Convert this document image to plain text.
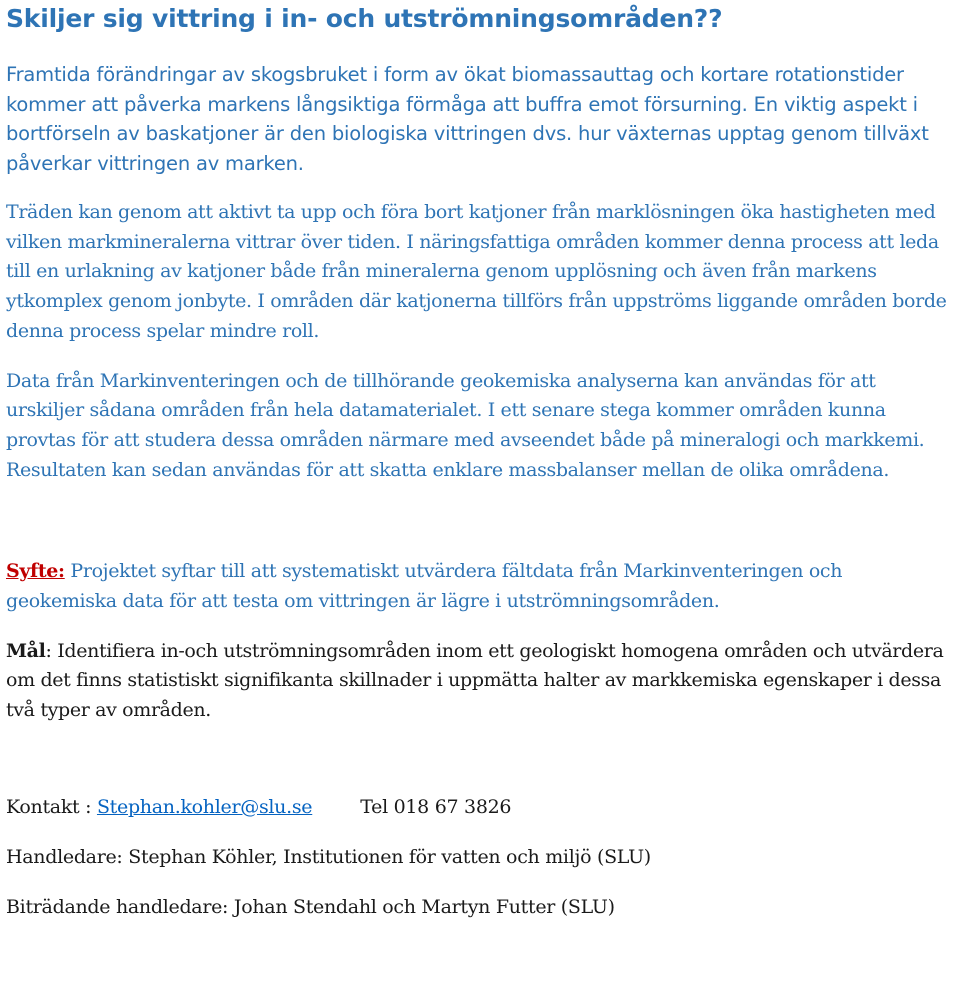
Skiljer sig vittring i in- och utströmningsområden??

Framtida förändringar av skogsbruket i form av ökat biomassauttag och kortare rotationstider kommer att påverka markens långsiktiga förmåga att buffra emot försurning. En viktig aspekt i bortförseln av baskatjoner är den biologiska vittringen dvs. hur växternas upptag genom tillväxt påverkar vittringen av marken.

Träden kan genom att aktivt ta upp och föra bort katjoner från marklösningen öka hastigheten med vilken markmineralerna vittrar över tiden. I näringsfattiga områden kommer denna process att leda till en urlakning av katjoner både från mineralerna genom upplösning och även från markens ytkomplex genom jonbyte. I områden där katjonerna tillförs från uppströms liggande områden borde denna process spelar mindre roll.

Data från Markinventeringen och de tillhörande geokemiska analyserna kan användas för att urskiljer sådana områden från hela datamaterialet. I ett senare stega kommer områden kunna provtas för att studera dessa områden närmare med avseendet både på mineralogi och markkemi. Resultaten kan sedan användas för att skatta enklare massbalanser mellan de olika områdena.

Syfte: Projektet syftar till att systematiskt utvärdera fältdata från Markinventeringen och geokemiska data för att testa om vittringen är lägre i utströmningsområden.

Mål: Identifiera in-och utströmningsområden inom ett geologiskt homogena områden och utvärdera om det finns statistiskt signifikanta skillnader i uppmätta halter av markkemiska egenskaper i dessa två typer av områden.

Kontakt : Stephan.kohler@slu.se	Tel 018 67 3826

Handledare: Stephan Köhler, Institutionen för vatten och miljö (SLU)

Biträdande handledare: Johan Stendahl och Martyn Futter (SLU)
